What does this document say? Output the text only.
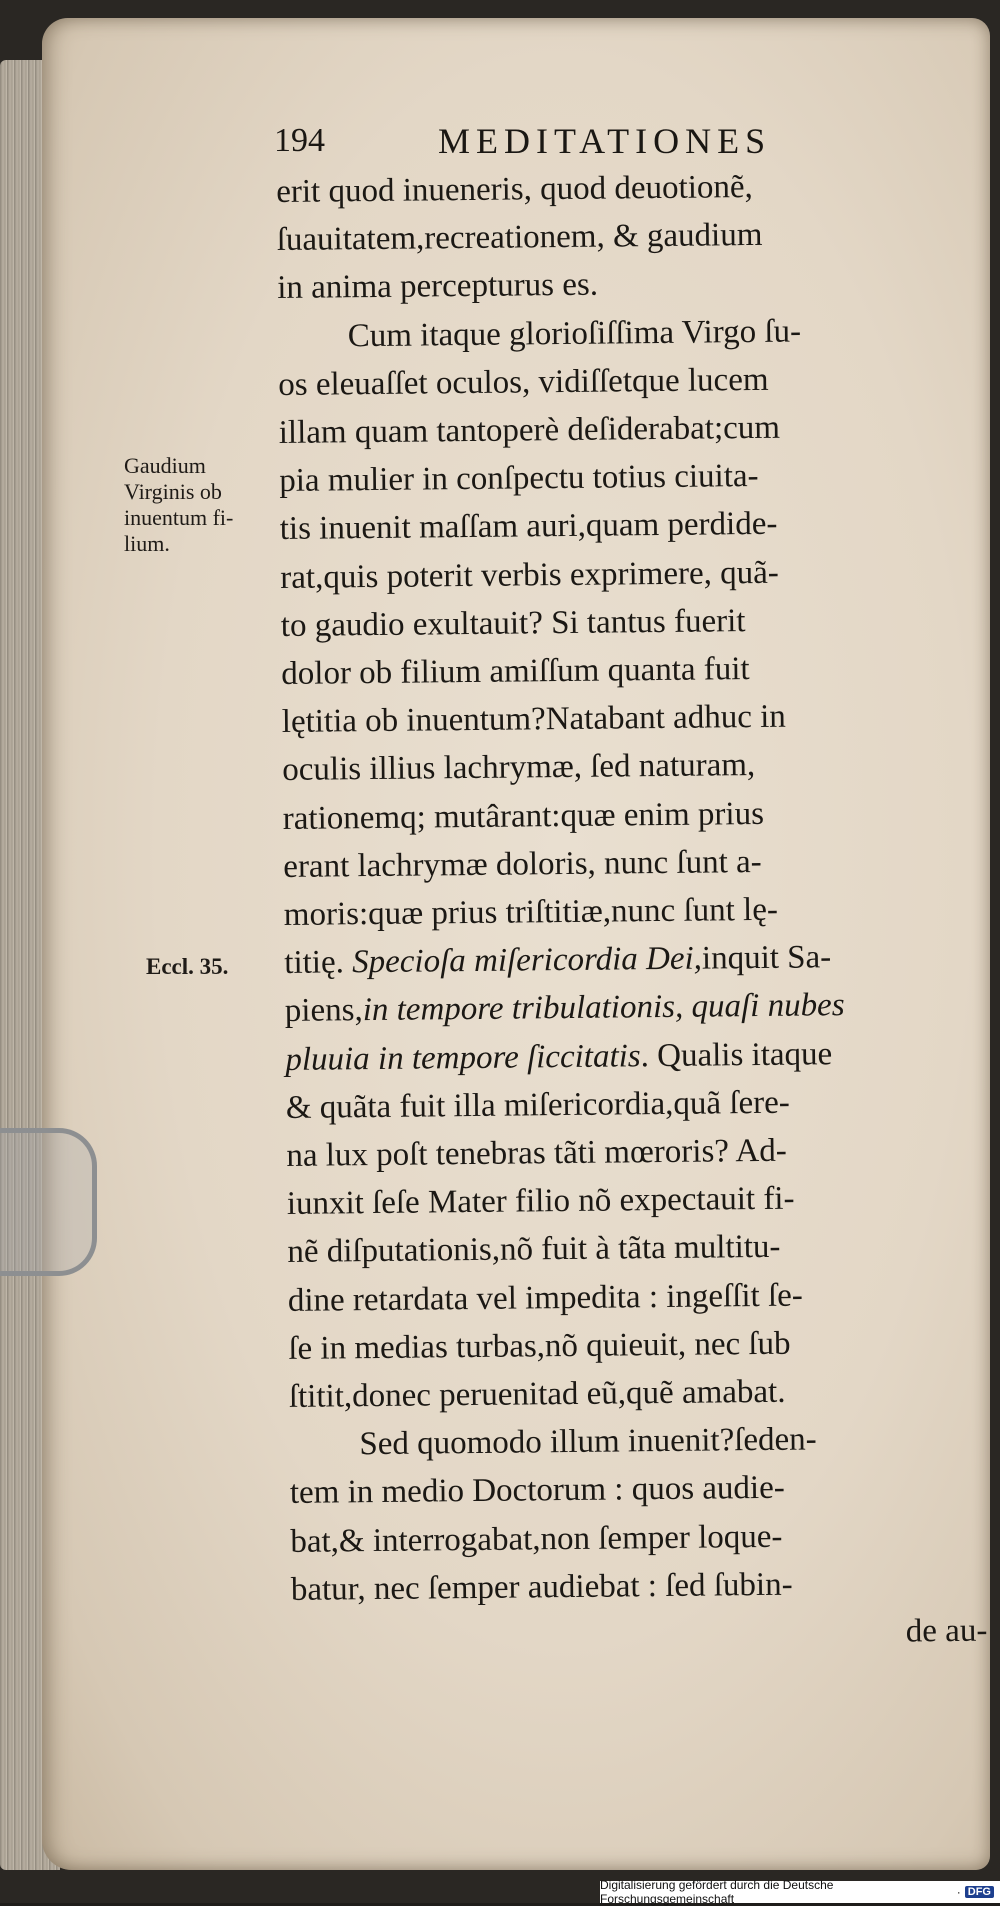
194	MEDITATIONES
Gaudium
Virginis ob
inuentum fi-
lium.
Eccl. 35.
erit quod inueneris, quod deuotionẽ,
ſuauitatem,recreationem, & gaudium
in anima percepturus es.
Cum itaque glorioſiſſima Virgo ſu-
os eleuaſſet oculos, vidiſſetque lucem
illam quam tantoperè deſiderabat;cum
pia mulier in conſpectu totius ciuita-
tis inuenit maſſam auri,quam perdide-
rat,quis poterit verbis exprimere, quã-
to gaudio exultauit? Si tantus fuerit
dolor ob filium amiſſum quanta fuit
lętitia ob inuentum?Natabant adhuc in
oculis illius lachrymæ, ſed naturam,
rationemq; mutârant:quæ enim prius
erant lachrymæ doloris, nunc ſunt a-
moris:quæ prius triſtitiæ,nunc ſunt lę-
titię. Specioſa miſericordia Dei,inquit Sa-
piens,in tempore tribulationis, quaſi nubes
pluuia in tempore ſiccitatis. Qualis itaque
& quãta fuit illa miſericordia,quã ſere-
na lux poſt tenebras tãti mœroris? Ad-
iunxit ſeſe Mater filio nõ expectauit fi-
nẽ diſputationis,nõ fuit à tãta multitu-
dine retardata vel impedita : ingeſſit ſe-
ſe in medias turbas,nõ quieuit, nec ſub
ſtitit,donec peruenitad eũ,quẽ amabat.
Sed quomodo illum inuenit?ſeden-
tem in medio Doctorum : quos audie-
bat,& interrogabat,non ſemper loque-
batur, nec ſemper audiebat : ſed ſubin-
de au-
Digitalisierung gefördert durch die Deutsche Forschungsgemeinschaft	· DFG
